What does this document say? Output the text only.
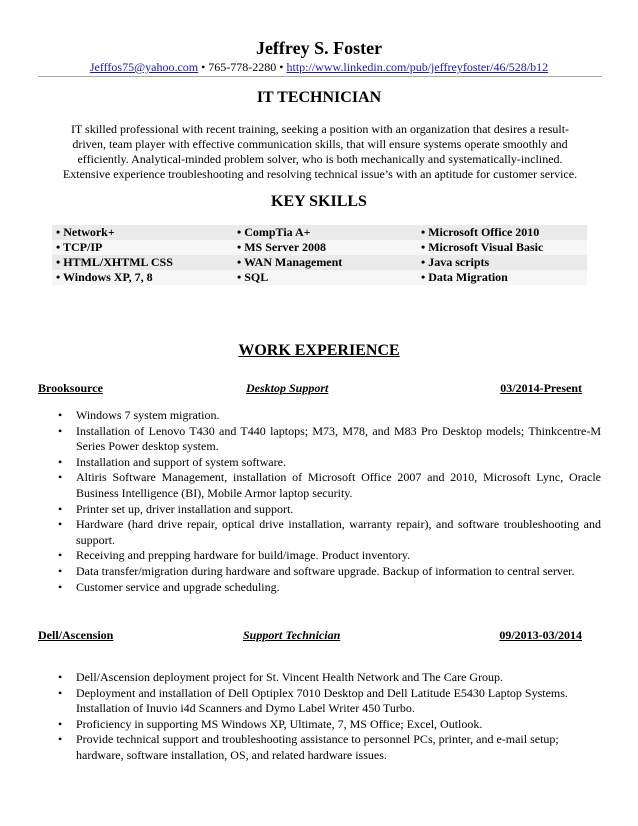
Jeffrey S. Foster
Jefffos75@yahoo.com • 765-778-2280 • http://www.linkedin.com/pub/jeffreyfoster/46/528/b12
IT TECHNICIAN
IT skilled professional with recent training, seeking a position with an organization that desires a result-
driven, team player with effective communication skills, that will ensure systems operate smoothly and
efficiently. Analytical-minded problem solver, who is both mechanically and systematically-inclined.
Extensive experience troubleshooting and resolving technical issue’s with an aptitude for customer service.
KEY SKILLS
• Network+	• CompTia A+	• Microsoft Office 2010
• TCP/IP	• MS Server 2008	• Microsoft Visual Basic
• HTML/XHTML CSS	• WAN Management	• Java scripts
• Windows XP, 7, 8	• SQL	• Data Migration
WORK EXPERIENCE
Brooksource	Desktop Support	03/2014-Present
• Windows 7 system migration.
• Installation of Lenovo T430 and T440 laptops; M73, M78, and M83 Pro Desktop models; Thinkcentre-M Series Power desktop system.
• Installation and support of system software.
• Altiris Software Management, installation of Microsoft Office 2007 and 2010, Microsoft Lync, Oracle Business Intelligence (BI), Mobile Armor laptop security.
• Printer set up, driver installation and support.
• Hardware (hard drive repair, optical drive installation, warranty repair), and software troubleshooting and support.
• Receiving and prepping hardware for build/image. Product inventory.
• Data transfer/migration during hardware and software upgrade. Backup of information to central server.
• Customer service and upgrade scheduling.
Dell/Ascension	Support Technician	09/2013-03/2014
• Dell/Ascension deployment project for St. Vincent Health Network and The Care Group.
• Deployment and installation of Dell Optiplex 7010 Desktop and Dell Latitude E5430 Laptop Systems.
Installation of Inuvio i4d Scanners and Dymo Label Writer 450 Turbo.
• Proficiency in supporting MS Windows XP, Ultimate, 7, MS Office; Excel, Outlook.
• Provide technical support and troubleshooting assistance to personnel PCs, printer, and e-mail setup;
hardware, software installation, OS, and related hardware issues.
